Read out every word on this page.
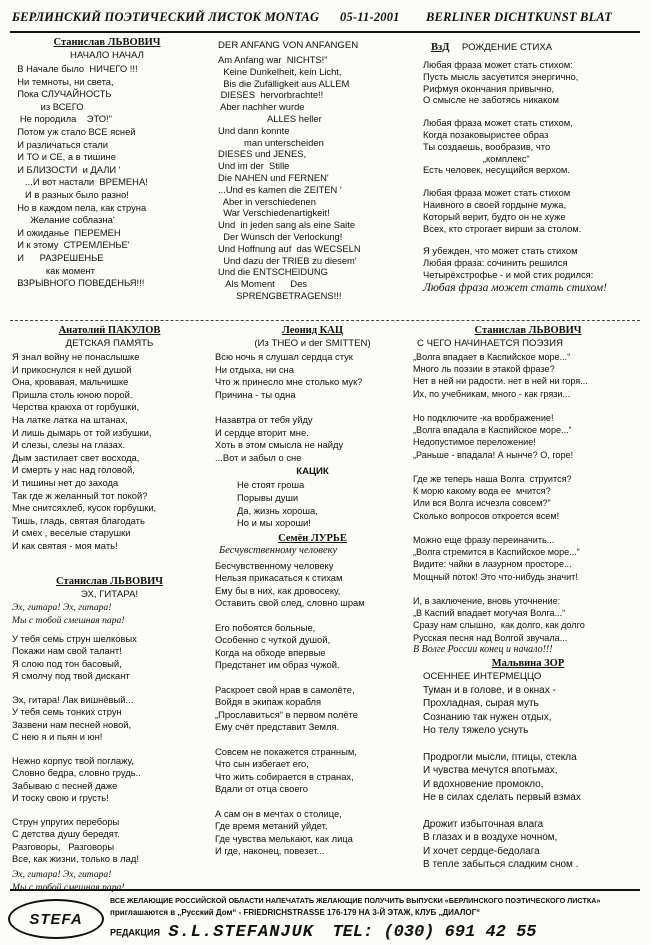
БЕРЛИНСКИЙ ПОЭТИЧЕСКИЙ ЛИСТОК MONTAG 05-11-2001 BERLINER DICHTKUNST BLAT
Станислав ЛЬВОВИЧ
НАЧАЛО НАЧАЛ
В Начале было  НИЧЕГО !!!
Ни темноты, ни света,
Пока СЛУЧАЙНОСТЬ
из ВСЕГО
Не породила    ЭТО!"
Потом уж стало ВСЕ ясней
И различаться стали
И ТО и СЕ, а в тишине
И БЛИЗОСТИ  и ДАЛИ '
...И вот настали  ВРЕМЕНА!
И в разных было разно!
Но в каждом пела, как струна
Желание соблазна'
И ожиданье  ПЕРЕМЕН
И к этому  СТРЕМЛЕНЬЕ'
И      РАЗРЕШЕНЬЕ
как момент
ВЗРЫВНОГО ПОВЕДЕНЬЯ!!!
DER ANFANG VON ANFANGEN
Am Anfang war  NICHTS!"
Keine Dunkelheit, kein Licht,
Bis die Zufälligkeit aus ALLEM
DIESES  hervorbrachte!!
Aber nachher wurde
ALLES heller
Und dann konnte
man unterscheiden
DIESES und JENES,
Und im der  Stille
Die NAHEN und FERNEN'
...Und es kamen die ZEITEN '
Aber in verschiedenen
War Verschiedenartigkeit!
Und  in jeden sang als eine Saite
Der Wunsch der Verlockung!
Und Hoffnung auf  das WECSELN
Und dazu der TRIEB zu diesem'
Und die ENTSCHEIDUNG
Als Moment      Des
SPRENGBETRAGENS!!!
ВзД РОЖДЕНИЕ СТИХА
Любая фраза может стать стихом:
Пусть мысль засуетится энергично,
Рифмуя окончания привычно,
О смысле не заботясь никаком
Любая фраза может стать стихом,
Когда позаковыристее образ
Ты создаешь, вообразив, что
„комплекс“
Есть человек, несущийся верхом.
Любая фраза может стать стихом
Наивного в своей гордыне мужа,
Который верит, будто он не хуже
Всех, кто строгает вирши за столом.
Я убежден, что может стать стихом
Любая фраза: сочинить решился
Четырёхстрофье - и мой стих родился:
Любая фраза может стать стихом!
Анатолий ПАКУЛОВ
ДЕТСКАЯ ПАМЯТЬ
Я знал войну не понаслышке
И прикоснулся к ней душой
Она, кровавая, мальчишке
Пришла столь юною порой.
Черства краюха от горбушки,
На латке латка на штанах,
И лишь дымарь от той избушки,
И слезы, слезы на глазах.
Дым застилает свет восхода,
И смерть у нас над головой,
И тишины нет до захода
Так где ж желанный тот покой?
Мне снитсяхлеб, кусок горбушки,
Тишь, гладь, святая благодать
И смех , веселые старушки
И как святая - моя мать!
Станислав ЛЬВОВИЧ
ЭХ, ГИТАРА!
Эх, гитара! Эх, гитара!
Мы с тобой смешная пара!
У тебя семь струн шелковых
Покажи нам свой талант!
Я слою под тон басовый,
Я смолчу под твой дискант

Эх, гитара! Лак вишнёвый...
У тебя семь тонких струн
Зазвени нам песней новой,
С нею я и пьян и юн!

Нежно корпус твой поглажу,
Словно бедра, словно грудь..
Забываю с песней даже
И тоску свою и грусть!

Струн упругих переборы
С детства душу бередят.
Разговоры,   Разговоры
Все, как жизни, только в лад!
Эх, гитара! Эх, гитара!
Мы с тобой смешная пара!
Леонид КАЦ
(Из THEO и der SMITTEN)
Всю ночь я слушал сердца стук
Ни отдыха, ни сна
Что ж принесло мне столько мук?
Причина - ты одна

Назавтра от тебя уйду
И сердце вторит мне.
Хоть в этом смысла не найду
...Вот и забыл о сне
КАЦИК
Не стоят гроша
Порывы души
Да, жизнь хороша,
Но и мы хороши!
Семён ЛУРЬЕ
Бесчувственному человеку
Бесчувственному человеку
Нельзя прикасаться к стихам
Ему бы в них, как дровосеку,
Оставить свой след, словно шрам

Его побоятся больные,
Особенно с чуткой душой,
Когда на обходе впервые
Предстанет им образ чужой.

Раскроет свой нрав в самолёте,
Войдя в экипаж корабля
„Прославиться“ в первом полёте
Ему счёт представит Земля.

Совсем не покажется странным,
Что сын избегает его,
Что жить собирается в странах,
Вдали от отца своего

А сам он в мечтах о столице,
Где время метаний уйдет,
Где чувства мелькают, как лица
И где, наконец, повезет...
Станислав ЛЬВОВИЧ
С ЧЕГО НАЧИНАЕТСЯ ПОЭЗИЯ
„Волга впадает в Каспийское море...“
Много ль поэзии в этакой фразе?
Нет в ней ни радости. нет в ней ни горя...
Их, по учебникам, много - как грязи...

Но подключите -ка воображение!
„Волга впадала в Каспийское море...“
Недопустимое переложение!
„Раньше - впадала! А нынче? О, горе!

Где же теперь наша Волга  струится?
К морю какому вода ее  мчится?
Или вся Волга исчезла совсем?"
Сколько вопросов откроется всем!

Можно еще фразу переиначить...
„Волга стремится в Каспийское море...“
Видите: чайки в лазурном просторе...
Мощный поток! Это что-нибудь значит!

И, в заключение, вновь уточнение:
„В Каспий впадает могучая Волга...“
Сразу нам слышно,  как долго, как долго
Русская песня над Волгой звучала...
В Волге России конец и начало!!!
Мальвина ЗОР
ОСЕННЕЕ ИНТЕРМЕЦЦО
Туман и в голове, и в окнах -
Прохладная, сырая муть
Сознанию так нужен отдых,
Но телу тяжело уснуть

Продрогли мысли, птицы, стекла
И чувства мечутся впотьмах,
И вдохновение промокло,
Не в силах сделать первый взмах

Дрожит избыточная влага
В глазах и в воздухе ночном,
И хочет сердце-бедолага
В тепле забыться сладким сном .
STEFA
ВСЕ ЖЕЛАЮЩИЕ РОССИЙСКОЙ ОБЛАСТИ НАПЕЧАТАТЬ ЖЕЛАЮЩИЕ ПОЛУЧИТЬ ВЫПУСКИ «БЕРЛИНСКОГО ПОЭТИЧЕСКОГО ЛИСТКА»
приглашаются в „Русский Дом“ - FRIEDRICHSTRASSE 176-179 НА 3-Й ЭТАЖ, КЛУБ „ДИАЛОГ“
РЕДАКЦИЯ S.L.STEFANJUK TEL: (030) 691 42 55
